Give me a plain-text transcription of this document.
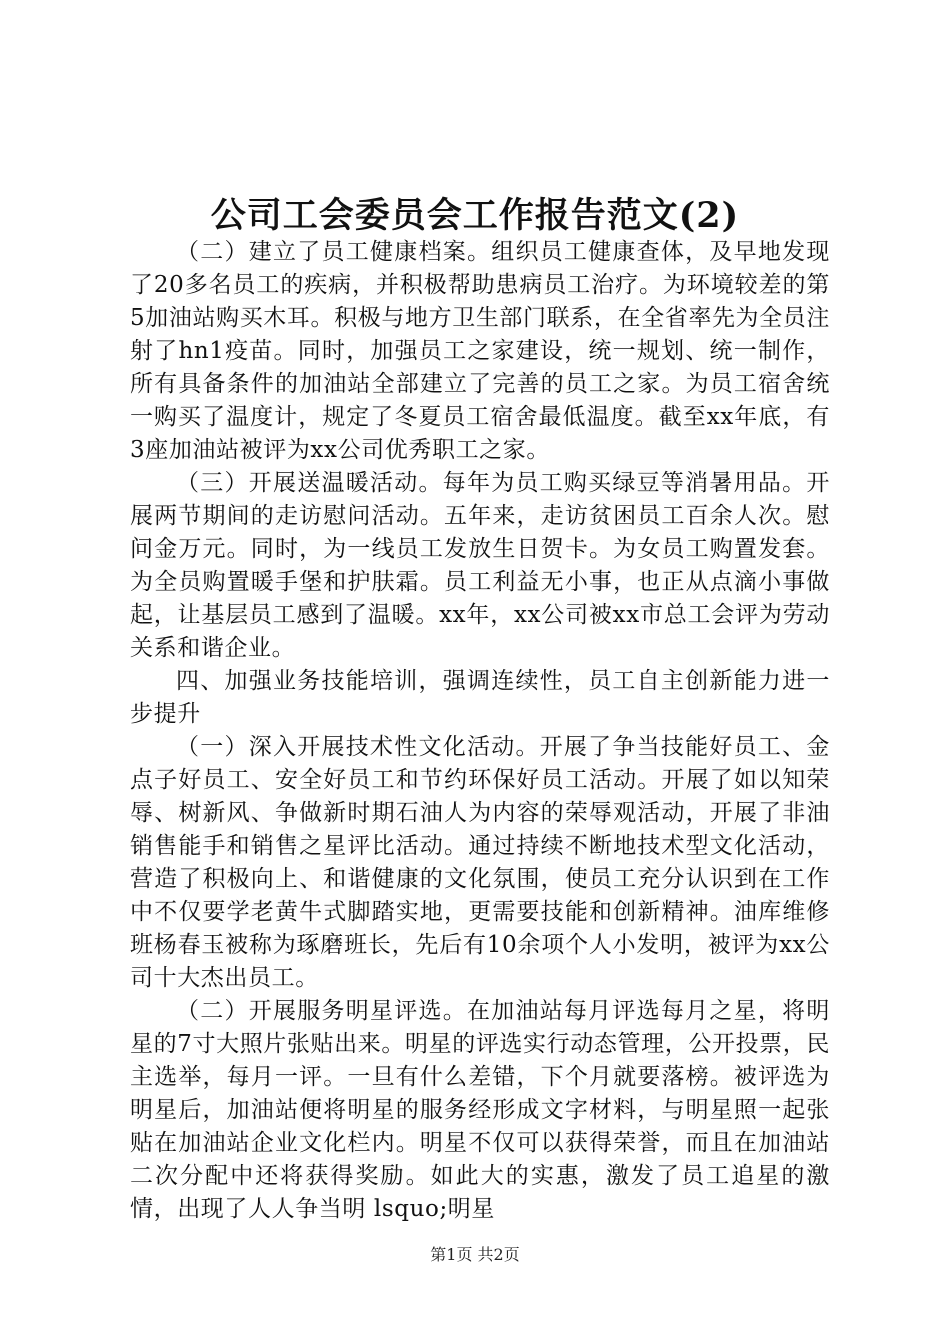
公司工会委员会工作报告范文(2)

（二）建立了员工健康档案。组织员工健康查体，及早地发现了20多名员工的疾病，并积极帮助患病员工治疗。为环境较差的第5加油站购买木耳。积极与地方卫生部门联系，在全省率先为全员注射了hn1疫苗。同时，加强员工之家建设，统一规划、统一制作，所有具备条件的加油站全部建立了完善的员工之家。为员工宿舍统一购买了温度计，规定了冬夏员工宿舍最低温度。截至xx年底，有3座加油站被评为xx公司优秀职工之家。

（三）开展送温暖活动。每年为员工购买绿豆等消暑用品。开展两节期间的走访慰问活动。五年来，走访贫困员工百余人次。慰问金万元。同时，为一线员工发放生日贺卡。为女员工购置发套。为全员购置暖手堡和护肤霜。员工利益无小事，也正从点滴小事做起，让基层员工感到了温暖。xx年，xx公司被xx市总工会评为劳动关系和谐企业。

四、加强业务技能培训，强调连续性，员工自主创新能力进一步提升

（一）深入开展技术性文化活动。开展了争当技能好员工、金点子好员工、安全好员工和节约环保好员工活动。开展了如以知荣辱、树新风、争做新时期石油人为内容的荣辱观活动，开展了非油销售能手和销售之星评比活动。通过持续不断地技术型文化活动，营造了积极向上、和谐健康的文化氛围，使员工充分认识到在工作中不仅要学老黄牛式脚踏实地，更需要技能和创新精神。油库维修班杨春玉被称为琢磨班长，先后有10余项个人小发明，被评为xx公司十大杰出员工。

（二）开展服务明星评选。在加油站每月评选每月之星，将明星的7寸大照片张贴出来。明星的评选实行动态管理，公开投票，民主选举，每月一评。一旦有什么差错，下个月就要落榜。被评选为明星后，加油站便将明星的服务经形成文字材料，与明星照一起张贴在加油站企业文化栏内。明星不仅可以获得荣誉，而且在加油站二次分配中还将获得奖励。如此大的实惠，激发了员工追星的激情，出现了人人争当明 lsquo;明星

第1页 共2页
